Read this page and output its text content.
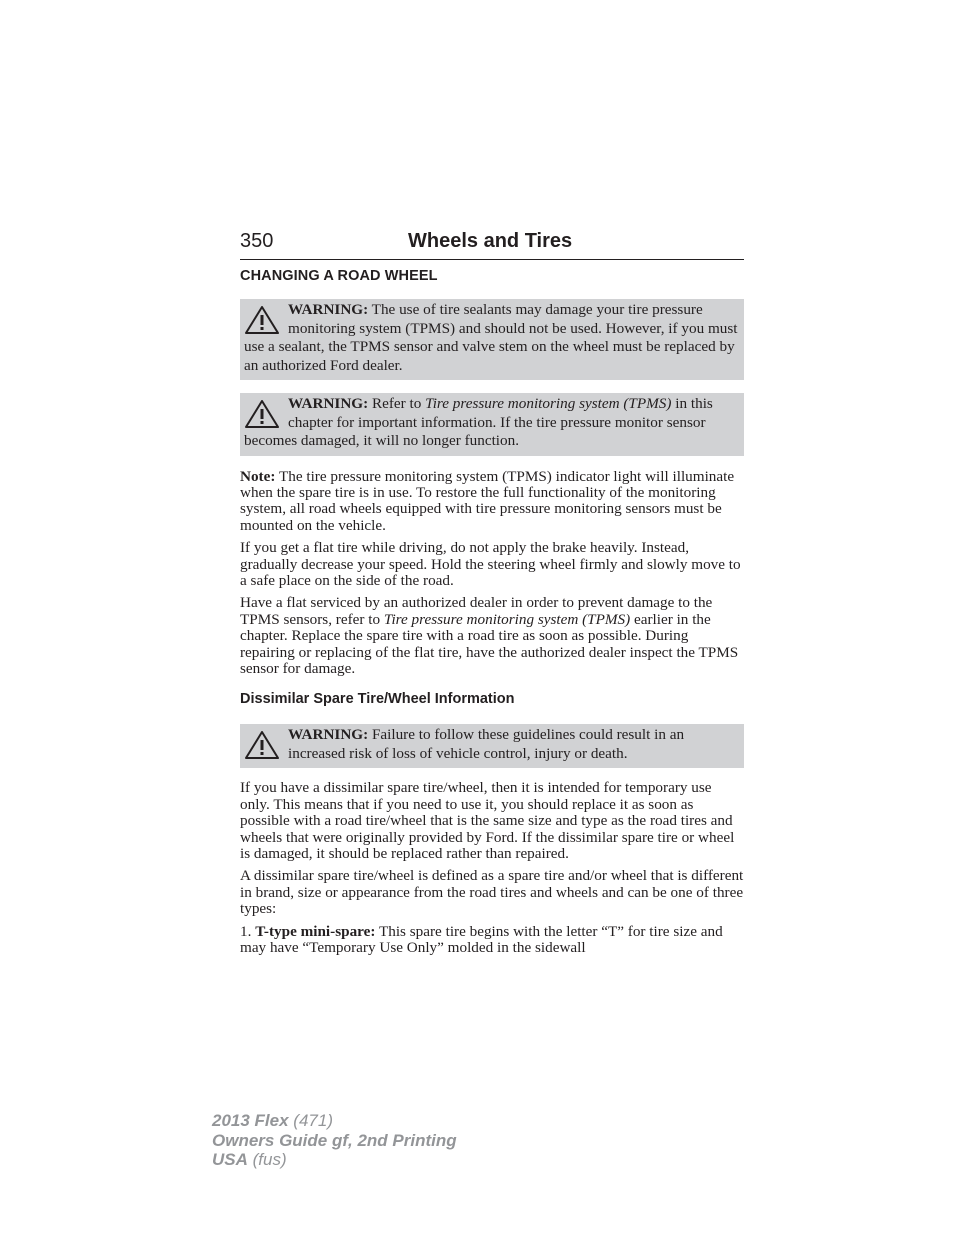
350	Wheels and Tires
CHANGING A ROAD WHEEL
WARNING: The use of tire sealants may damage your tire pressure monitoring system (TPMS) and should not be used. However, if you must use a sealant, the TPMS sensor and valve stem on the wheel must be replaced by an authorized Ford dealer.
WARNING: Refer to Tire pressure monitoring system (TPMS) in this chapter for important information. If the tire pressure monitor sensor becomes damaged, it will no longer function.

Note: The tire pressure monitoring system (TPMS) indicator light will illuminate when the spare tire is in use. To restore the full functionality of the monitoring system, all road wheels equipped with tire pressure monitoring sensors must be mounted on the vehicle.

If you get a flat tire while driving, do not apply the brake heavily. Instead, gradually decrease your speed. Hold the steering wheel firmly and slowly move to a safe place on the side of the road.

Have a flat serviced by an authorized dealer in order to prevent damage to the TPMS sensors, refer to Tire pressure monitoring system (TPMS) earlier in the chapter. Replace the spare tire with a road tire as soon as possible. During repairing or replacing of the flat tire, have the authorized dealer inspect the TPMS sensor for damage.

Dissimilar Spare Tire/Wheel Information
WARNING: Failure to follow these guidelines could result in an increased risk of loss of vehicle control, injury or death.

If you have a dissimilar spare tire/wheel, then it is intended for temporary use only. This means that if you need to use it, you should replace it as soon as possible with a road tire/wheel that is the same size and type as the road tires and wheels that were originally provided by Ford. If the dissimilar spare tire or wheel is damaged, it should be replaced rather than repaired.

A dissimilar spare tire/wheel is defined as a spare tire and/or wheel that is different in brand, size or appearance from the road tires and wheels and can be one of three types:

1. T-type mini-spare: This spare tire begins with the letter “T” for tire size and may have “Temporary Use Only” molded in the sidewall

2013 Flex (471)
Owners Guide gf, 2nd Printing
USA (fus)
